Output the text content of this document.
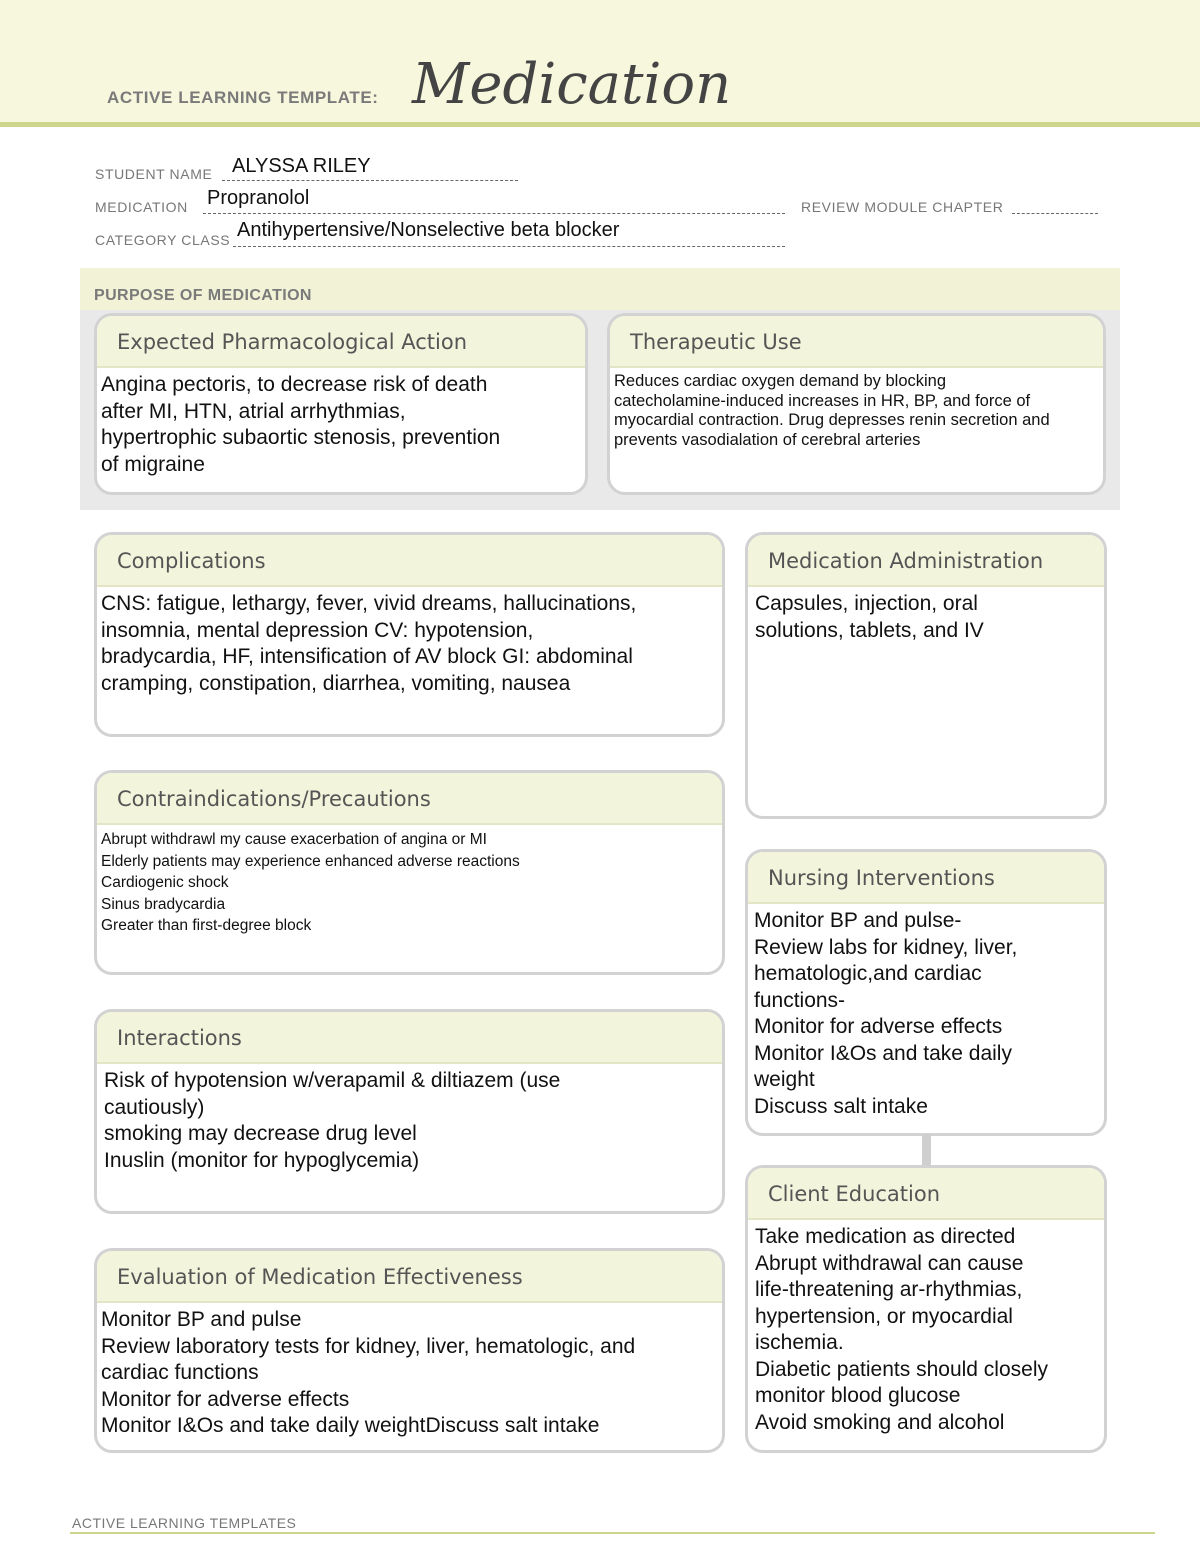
ACTIVE LEARNING TEMPLATE: Medication
STUDENT NAME ALYSSA RILEY
MEDICATION Propranolol	REVIEW MODULE CHAPTER
CATEGORY CLASS Antihypertensive/Nonselective beta blocker
PURPOSE OF MEDICATION
Expected Pharmacological Action
Angina pectoris, to decrease risk of death
after MI, HTN, atrial arrhythmias,
hypertrophic subaortic stenosis, prevention
of migraine
Therapeutic Use
Reduces cardiac oxygen demand by blocking
catecholamine-induced increases in HR, BP, and force of
myocardial contraction. Drug depresses renin secretion and
prevents vasodialation of cerebral arteries
Complications
CNS: fatigue, lethargy, fever, vivid dreams, hallucinations,
insomnia, mental depression CV: hypotension,
bradycardia, HF, intensification of AV block GI: abdominal
cramping, constipation, diarrhea, vomiting, nausea
Contraindications/Precautions
Abrupt withdrawl my cause exacerbation of angina or MI
Elderly patients may experience enhanced adverse reactions
Cardiogenic shock
Sinus bradycardia
Greater than first-degree block
Interactions
Risk of hypotension w/verapamil & diltiazem (use
cautiously)
smoking may decrease drug level
Inuslin (monitor for hypoglycemia)
Evaluation of Medication Effectiveness
Monitor BP and pulse
Review laboratory tests for kidney, liver, hematologic, and
cardiac functions
Monitor for adverse effects
Monitor I&Os and take daily weightDiscuss salt intake
Medication Administration
Capsules, injection, oral
solutions, tablets, and IV
Nursing Interventions
Monitor BP and pulse-
Review labs for kidney, liver,
hematologic,and cardiac
functions-
Monitor for adverse effects
Monitor I&Os and take daily
weight
Discuss salt intake
Client Education
Take medication as directed
Abrupt withdrawal can cause
life-threatening ar-rhythmias,
hypertension, or myocardial
ischemia.
Diabetic patients should closely
monitor blood glucose
Avoid smoking and alcohol
ACTIVE LEARNING TEMPLATES
